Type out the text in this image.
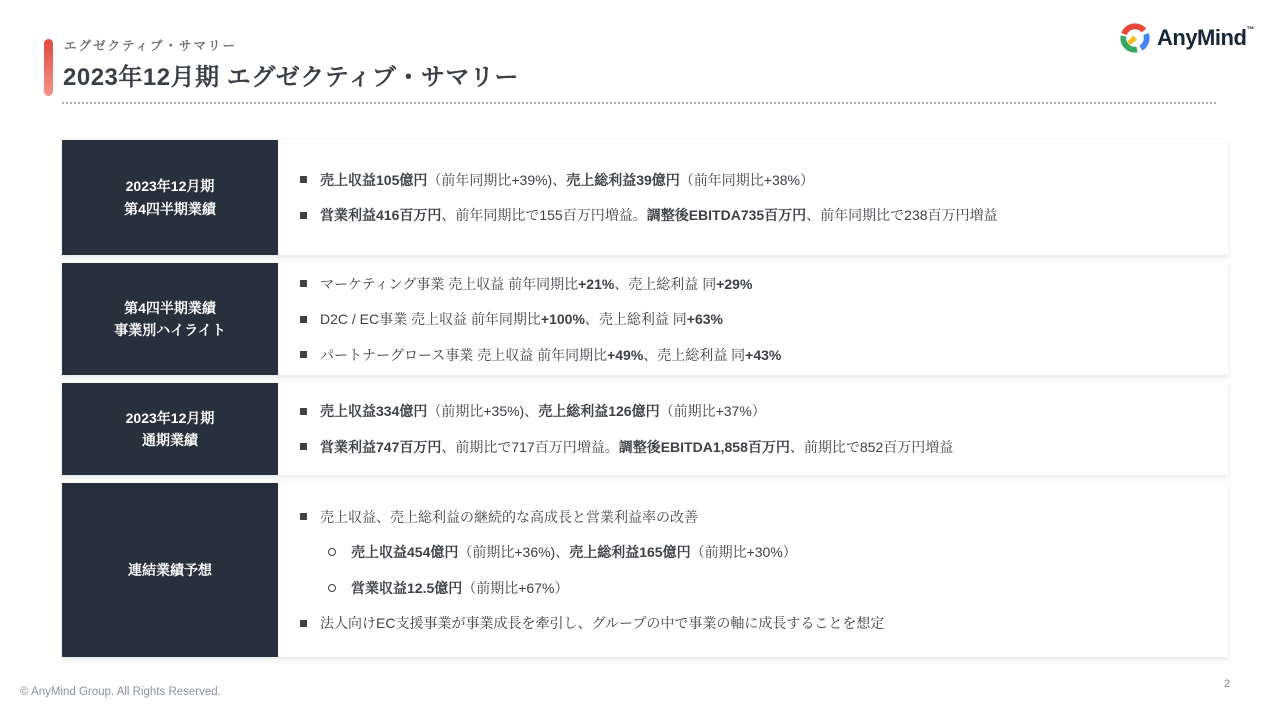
エグゼクティブ・サマリー
2023年12月期 エグゼクティブ・サマリー
AnyMind™
2023年12月期
第4四半期業績
売上収益105億円（前年同期比+39%)、売上総利益39億円（前年同期比+38%）
営業利益416百万円、前年同期比で155百万円増益。調整後EBITDA735百万円、前年同期比で238百万円増益
第4四半期業績
事業別ハイライト
マーケティング事業 売上収益 前年同期比+21%、売上総利益 同+29%
D2C / EC事業 売上収益 前年同期比+100%、売上総利益 同+63%
パートナーグロース事業 売上収益 前年同期比+49%、売上総利益 同+43%
2023年12月期
通期業績
売上収益334億円（前期比+35%)、売上総利益126億円（前期比+37%）
営業利益747百万円、前期比で717百万円増益。調整後EBITDA1,858百万円、前期比で852百万円増益
連結業績予想
売上収益、売上総利益の継続的な高成長と営業利益率の改善
売上収益454億円（前期比+36%)、売上総利益165億円（前期比+30%）
営業収益12.5億円（前期比+67%）
法人向けEC支援事業が事業成長を牽引し、グループの中で事業の軸に成長することを想定
© AnyMind Group. All Rights Reserved.
2
